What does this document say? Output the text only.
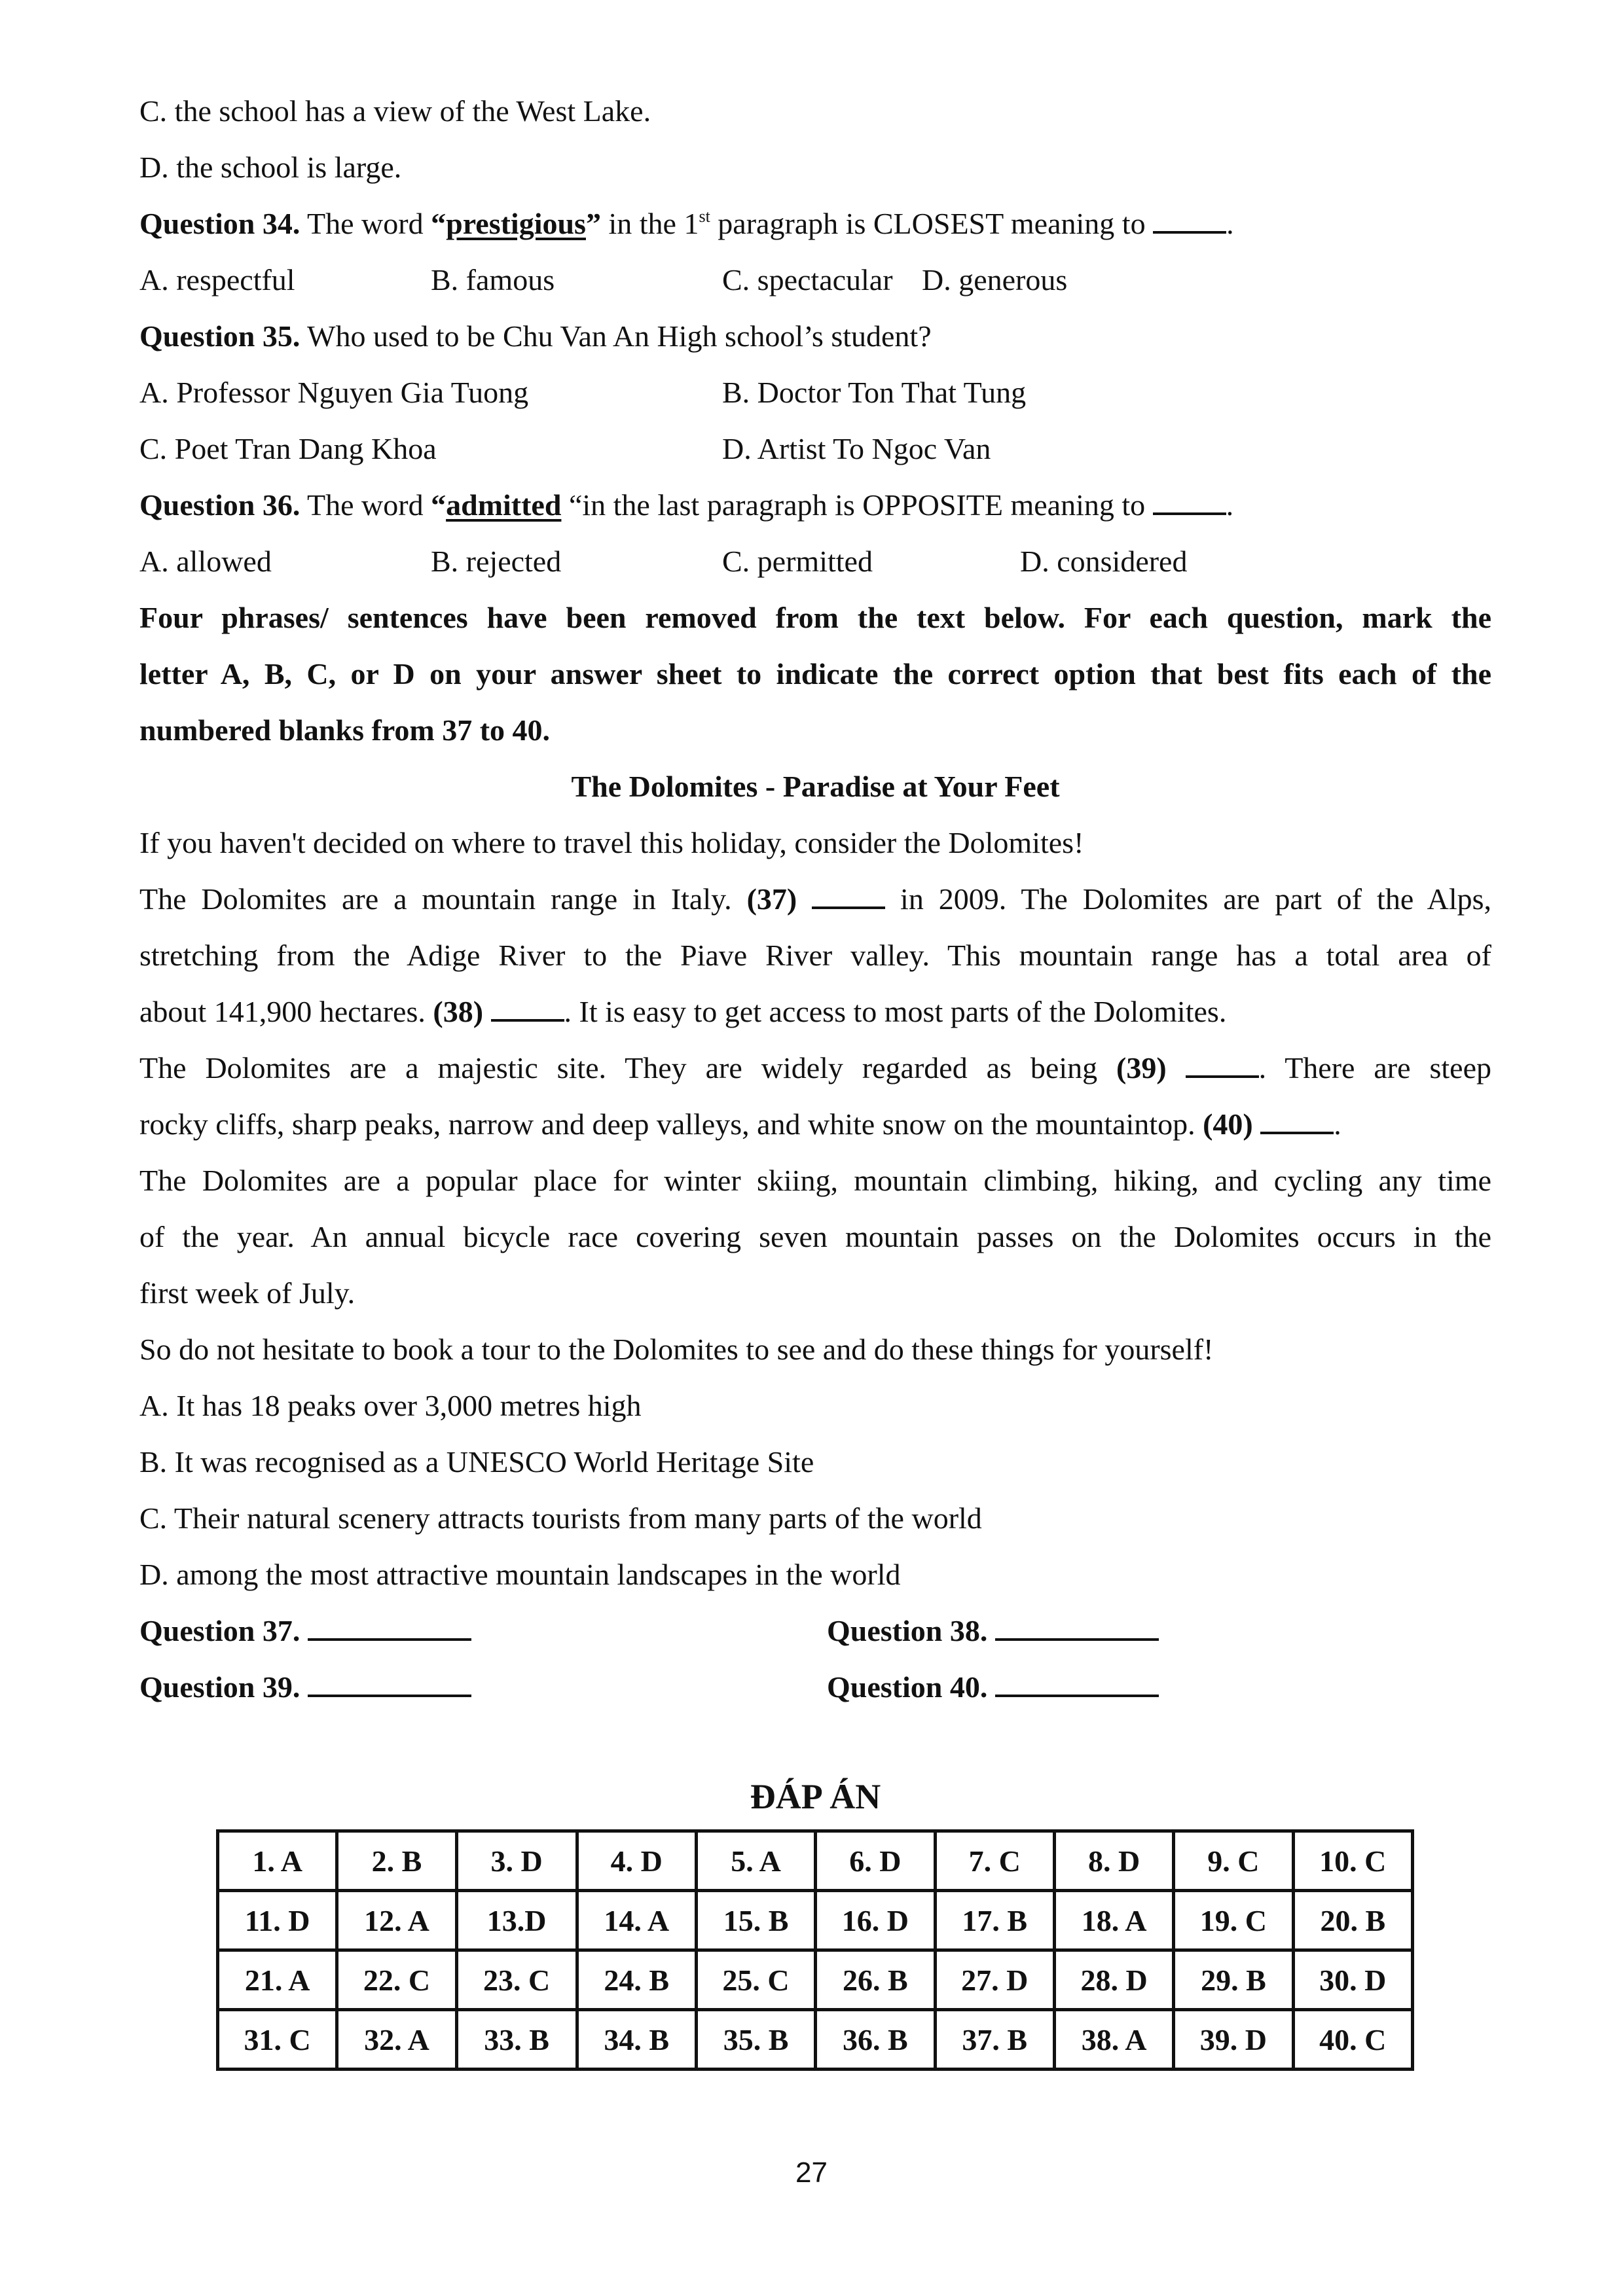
C. the school has a view of the West Lake.
D. the school is large.
Question 34. The word “prestigious” in the 1st paragraph is CLOSEST meaning to .
A. respectful	B. famous	C. spectacular D. generous
Question 35. Who used to be Chu Van An High school’s student?
A. Professor Nguyen Gia Tuong	B. Doctor Ton That Tung
C. Poet Tran Dang Khoa	D. Artist To Ngoc Van
Question 36. The word “admitted “in the last paragraph is OPPOSITE meaning to .
A. allowed	B. rejected	C. permitted	D. considered
Four phrases/ sentences have been removed from the text below. For each question, mark the
letter A, B, C, or D on your answer sheet to indicate the correct option that best fits each of the
numbered blanks from 37 to 40.
The Dolomites - Paradise at Your Feet
If you haven't decided on where to travel this holiday, consider the Dolomites!
The Dolomites are a mountain range in Italy. (37)	in 2009. The Dolomites are part of the Alps,
stretching from the Adige River to the Piave River valley. This mountain range has a total area of
about 141,900 hectares. (38)	. It is easy to get access to most parts of the Dolomites.
The Dolomites are a majestic site. They are widely regarded as being (39)	. There are steep
rocky cliffs, sharp peaks, narrow and deep valleys, and white snow on the mountaintop. (40)	.
The Dolomites are a popular place for winter skiing, mountain climbing, hiking, and cycling any time
of the year. An annual bicycle race covering seven mountain passes on the Dolomites occurs in the
first week of July.
So do not hesitate to book a tour to the Dolomites to see and do these things for yourself!
A. It has 18 peaks over 3,000 metres high
B. It was recognised as a UNESCO World Heritage Site
C. Their natural scenery attracts tourists from many parts of the world
D. among the most attractive mountain landscapes in the world
Question 37.	Question 38.
Question 39.	Question 40.
ĐÁP ÁN
1. A	2. B	3. D	4. D	5. A	6. D	7. C	8. D	9. C	10. C
11. D	12. A	13.D	14. A	15. B	16. D	17. B	18. A	19. C	20. B
21. A	22. C	23. C	24. B	25. C	26. B	27. D	28. D	29. B	30. D
31. C	32. A	33. B	34. B	35. B	36. B	37. B	38. A	39. D	40. C
27
